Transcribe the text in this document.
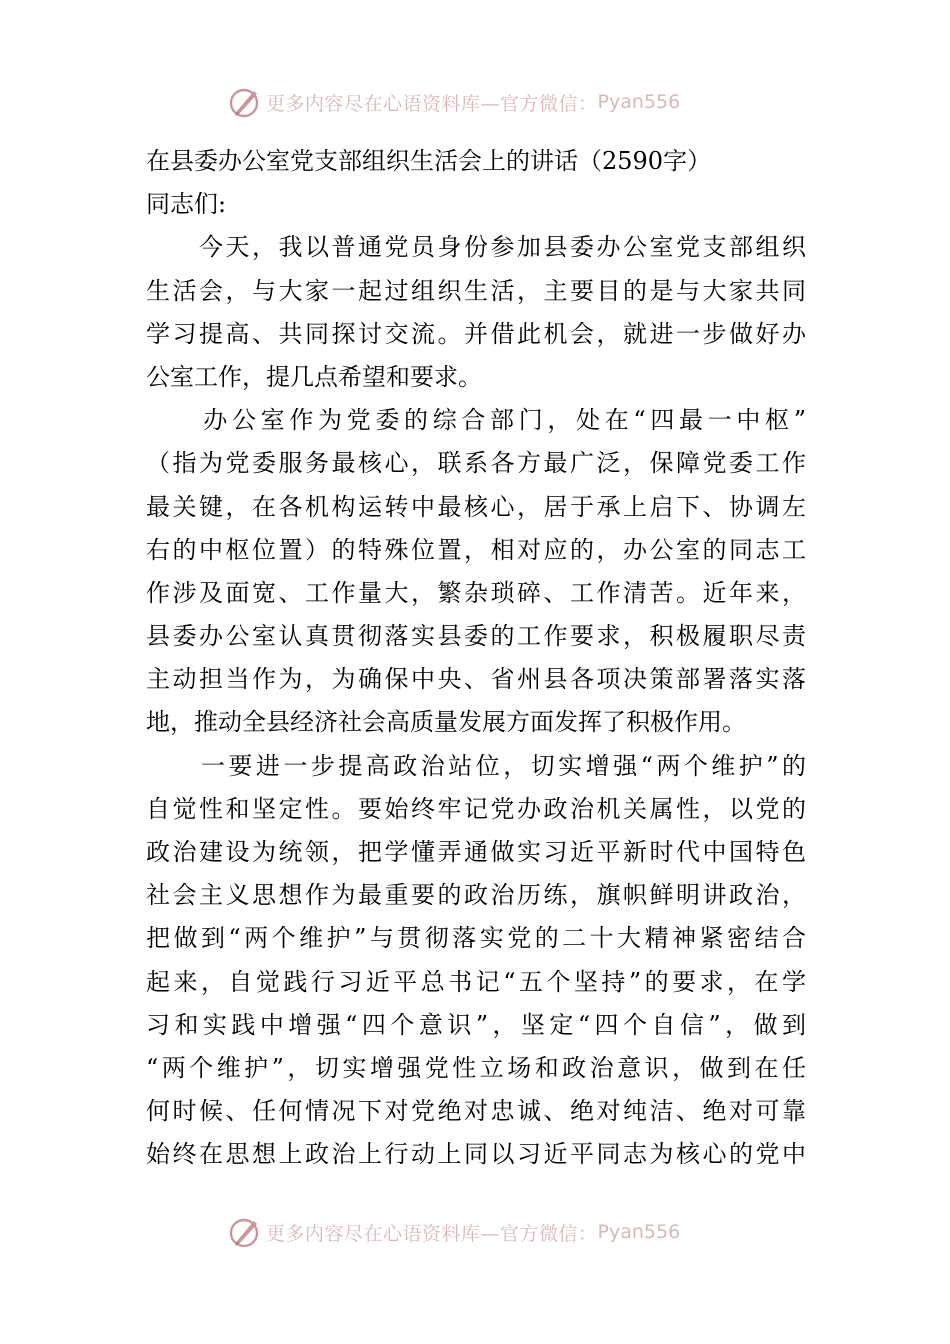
更多内容尽在心语资料库—官方微信： Pyan556
在县委办公室党支部组织生活会上的讲话（2590字）
同志们:
　　今天，我以普通党员身份参加县委办公室党支部组织
生活会，与大家一起过组织生活，主要目的是与大家共同
学习提高、共同探讨交流。并借此机会，就进一步做好办
公室工作，提几点希望和要求。
　　办公室作为党委的综合部门，处在“四最一中枢”
（指为党委服务最核心，联系各方最广泛，保障党委工作
最关键，在各机构运转中最核心，居于承上启下、协调左
右的中枢位置）的特殊位置，相对应的，办公室的同志工
作涉及面宽、工作量大，繁杂琐碎、工作清苦。近年来，
县委办公室认真贯彻落实县委的工作要求，积极履职尽责
主动担当作为，为确保中央、省州县各项决策部署落实落
地，推动全县经济社会高质量发展方面发挥了积极作用。
　　一要进一步提高政治站位，切实增强“两个维护”的
自觉性和坚定性。要始终牢记党办政治机关属性，以党的
政治建设为统领，把学懂弄通做实习近平新时代中国特色
社会主义思想作为最重要的政治历练，旗帜鲜明讲政治，
把做到“两个维护”与贯彻落实党的二十大精神紧密结合
起来，自觉践行习近平总书记“五个坚持”的要求，在学
习和实践中增强“四个意识”，坚定“四个自信”，做到
“两个维护”，切实增强党性立场和政治意识，做到在任
何时候、任何情况下对党绝对忠诚、绝对纯洁、绝对可靠
始终在思想上政治上行动上同以习近平同志为核心的党中
更多内容尽在心语资料库—官方微信： Pyan556
